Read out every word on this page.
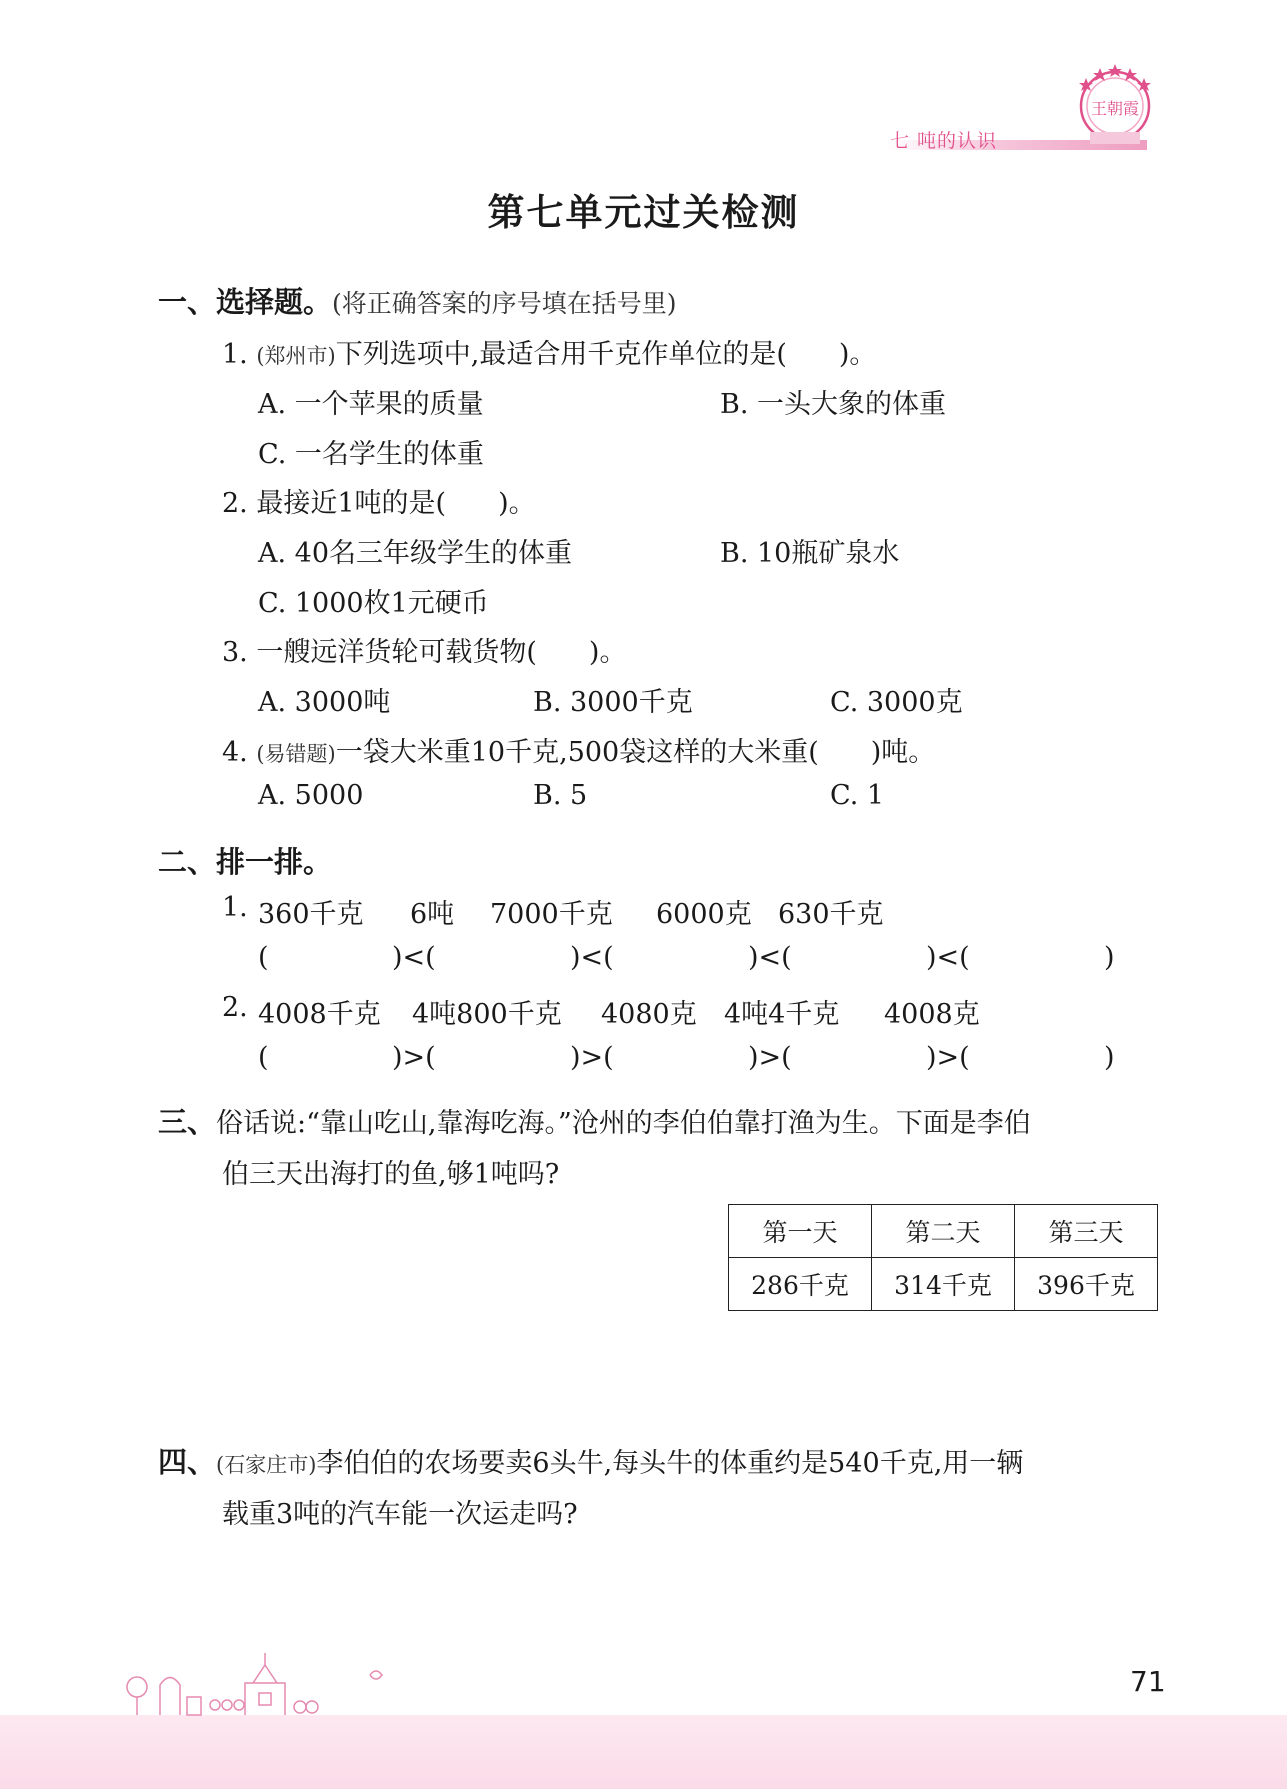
七 吨的认识
王朝霞
第七单元过关检测
一、选择题。(将正确答案的序号填在括号里)
1. (郑州市)下列选项中,最适合用千克作单位的是( )。
A. 一个苹果的质量	B. 一头大象的体重
C. 一名学生的体重
2. 最接近1吨的是( )。
A. 40名三年级学生的体重	B. 10瓶矿泉水
C. 1000枚1元硬币
3. 一艘远洋货轮可载货物( )。
A. 3000吨	B. 3000千克	C. 3000克
4. (易错题)一袋大米重10千克,500袋这样的大米重( )吨。
A. 5000	B. 5	C. 1
二、排一排。
1. 360千克 6吨 7000千克 6000克 630千克
(	)<(	)<(	)<(	)<(	)
2. 4008千克 4吨800千克 4080克 4吨4千克 4008克
(	)>(	)>(	)>(	)>(	)
三、俗话说:“靠山吃山,靠海吃海。”沧州的李伯伯靠打渔为生。下面是李伯
伯三天出海打的鱼,够1吨吗?
第一天	第二天	第三天
286千克	314千克	396千克
四、(石家庄市)李伯伯的农场要卖6头牛,每头牛的体重约是540千克,用一辆
载重3吨的汽车能一次运走吗?
71
